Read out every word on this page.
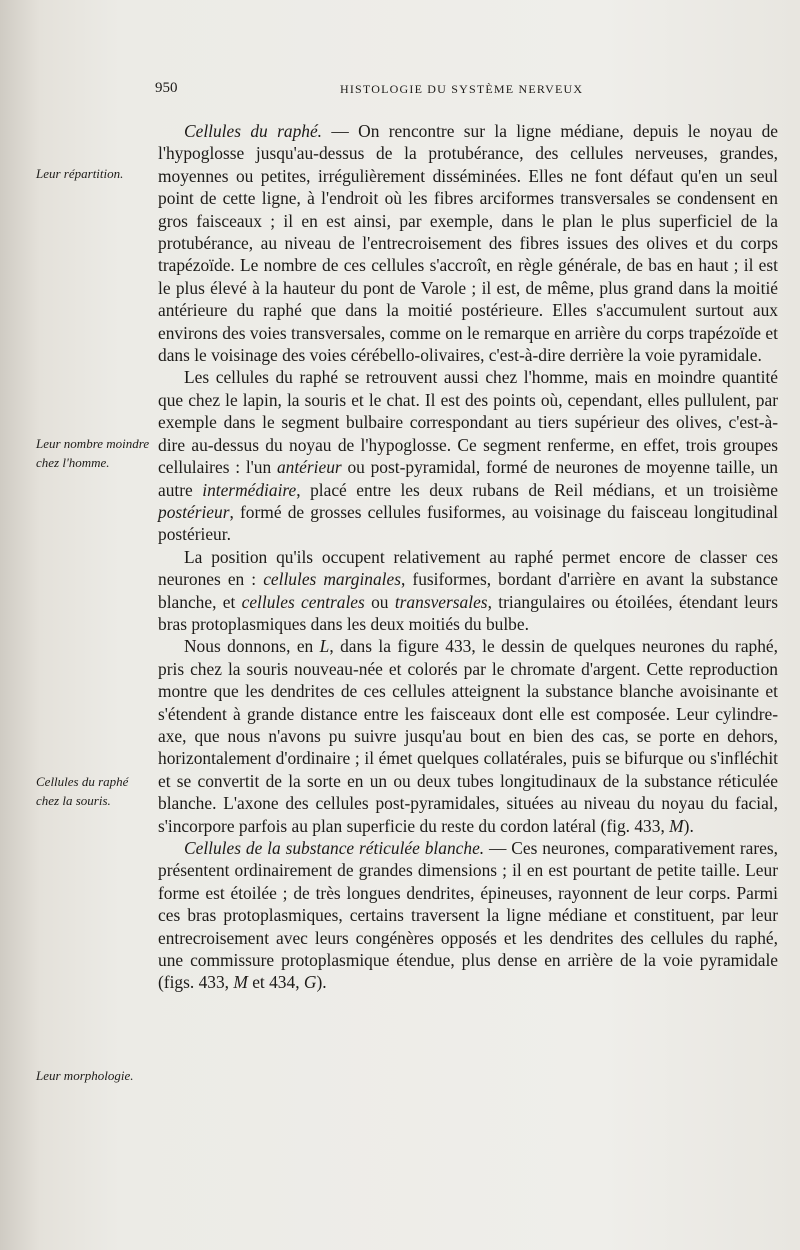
950	HISTOLOGIE DU SYSTÈME NERVEUX
Leur répartition.
Leur nombre moindre chez l'homme.
Cellules du raphé chez la souris.
Leur morphologie.

Cellules du raphé. — On rencontre sur la ligne médiane, depuis le noyau de l'hypoglosse jusqu'au-dessus de la protubérance, des cellules nerveuses, grandes, moyennes ou petites, irrégulièrement disséminées. Elles ne font défaut qu'en un seul point de cette ligne, à l'endroit où les fibres arciformes transversales se condensent en gros faisceaux ; il en est ainsi, par exemple, dans le plan le plus superficiel de la protubérance, au niveau de l'entrecroisement des fibres issues des olives et du corps trapézoïde. Le nombre de ces cellules s'accroît, en règle générale, de bas en haut ; il est le plus élevé à la hauteur du pont de Varole ; il est, de même, plus grand dans la moitié antérieure du raphé que dans la moitié postérieure. Elles s'accumulent surtout aux environs des voies transversales, comme on le remarque en arrière du corps trapézoïde et dans le voisinage des voies cérébello-olivaires, c'est-à-dire derrière la voie pyramidale.

Les cellules du raphé se retrouvent aussi chez l'homme, mais en moindre quantité que chez le lapin, la souris et le chat. Il est des points où, cependant, elles pullulent, par exemple dans le segment bulbaire correspondant au tiers supérieur des olives, c'est-à-dire au-dessus du noyau de l'hypoglosse. Ce segment renferme, en effet, trois groupes cellulaires : l'un antérieur ou post-pyramidal, formé de neurones de moyenne taille, un autre intermédiaire, placé entre les deux rubans de Reil médians, et un troisième postérieur, formé de grosses cellules fusiformes, au voisinage du faisceau longitudinal postérieur.

La position qu'ils occupent relativement au raphé permet encore de classer ces neurones en : cellules marginales, fusiformes, bordant d'arrière en avant la substance blanche, et cellules centrales ou transversales, triangulaires ou étoilées, étendant leurs bras protoplasmiques dans les deux moitiés du bulbe.

Nous donnons, en L, dans la figure 433, le dessin de quelques neurones du raphé, pris chez la souris nouveau-née et colorés par le chromate d'argent. Cette reproduction montre que les dendrites de ces cellules atteignent la substance blanche avoisinante et s'étendent à grande distance entre les faisceaux dont elle est composée. Leur cylindre-axe, que nous n'avons pu suivre jusqu'au bout en bien des cas, se porte en dehors, horizontalement d'ordinaire ; il émet quelques collatérales, puis se bifurque ou s'infléchit et se convertit de la sorte en un ou deux tubes longitudinaux de la substance réticulée blanche. L'axone des cellules post-pyramidales, situées au niveau du noyau du facial, s'incorpore parfois au plan superficie du reste du cordon latéral (fig. 433, M).

Cellules de la substance réticulée blanche. — Ces neurones, comparativement rares, présentent ordinairement de grandes dimensions ; il en est pourtant de petite taille. Leur forme est étoilée ; de très longues dendrites, épineuses, rayonnent de leur corps. Parmi ces bras protoplasmiques, certains traversent la ligne médiane et constituent, par leur entrecroisement avec leurs congénères opposés et les dendrites des cellules du raphé, une commissure protoplasmique étendue, plus dense en arrière de la voie pyramidale (figs. 433, M et 434, G).
